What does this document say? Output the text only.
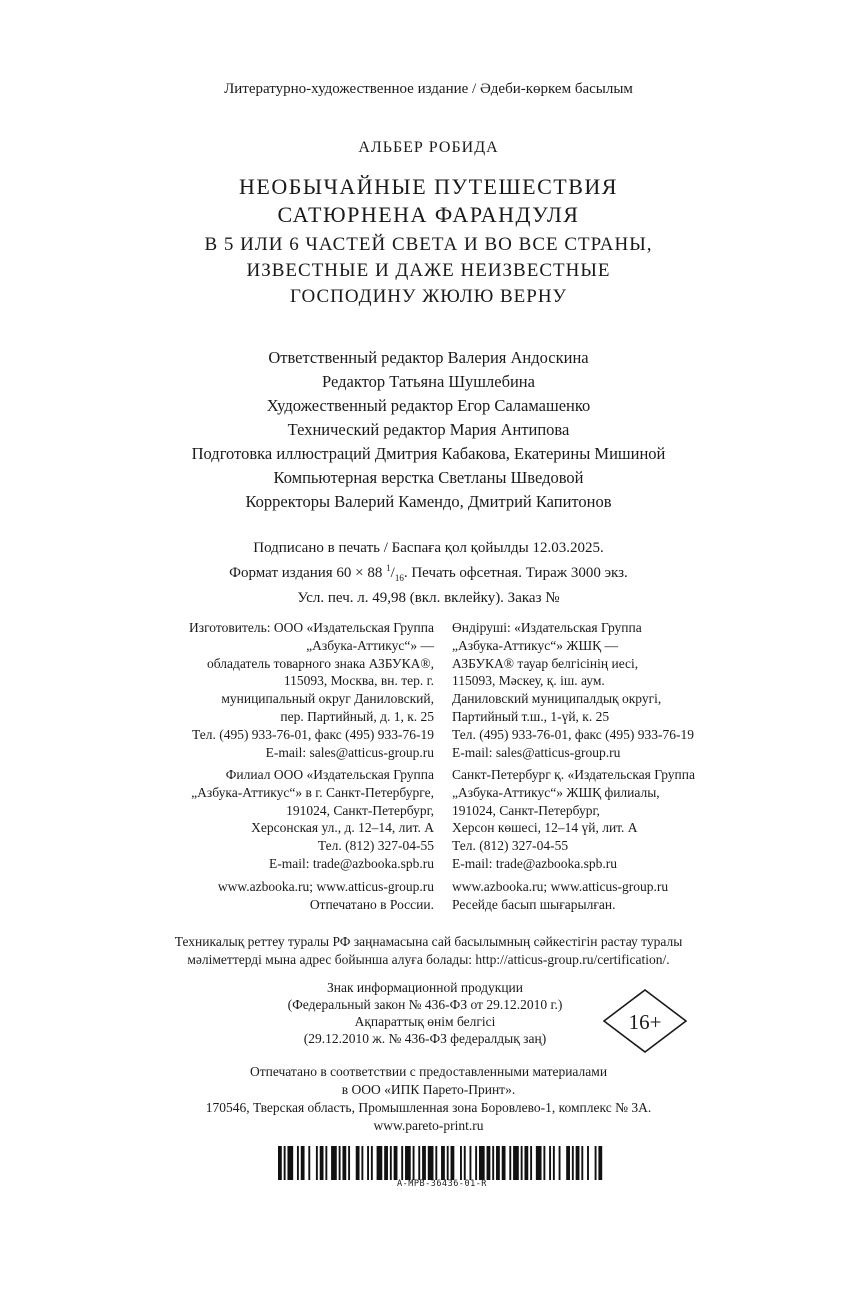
Литературно-художественное издание / Әдеби-көркем басылым
АЛЬБЕР РОБИДА
НЕОБЫЧАЙНЫЕ ПУТЕШЕСТВИЯ
САТЮРНЕНА ФАРАНДУЛЯ
В 5 ИЛИ 6 ЧАСТЕЙ СВЕТА И ВО ВСЕ СТРАНЫ,
ИЗВЕСТНЫЕ И ДАЖЕ НЕИЗВЕСТНЫЕ
ГОСПОДИНУ ЖЮЛЮ ВЕРНУ
Ответственный редактор Валерия Андоскина
Редактор Татьяна Шушлебина
Художественный редактор Егор Саламашенко
Технический редактор Мария Антипова
Подготовка иллюстраций Дмитрия Кабакова, Екатерины Мишиной
Компьютерная верстка Светланы Шведовой
Корректоры Валерий Камендо, Дмитрий Капитонов
Подписано в печать / Баспаға қол қойылды 12.03.2025.
Формат издания 60 × 88 $^1/_{16}$. Печать офсетная. Тираж 3000 экз.
Усл. печ. л. 49,98 (вкл. вклейку). Заказ №
Изготовитель: ООО «Издательская Группа
„Азбука-Аттикус“» —
обладатель товарного знака АЗБУКА®,
115093, Москва, вн. тер. г.
муниципальный округ Даниловский,
пер. Партийный, д. 1, к. 25
Тел. (495) 933-76-01, факс (495) 933-76-19
E-mail: sales@atticus-group.ru
Өндіруші: «Издательская Группа
„Азбука-Аттикус“» ЖШҚ —
АЗБУКА® тауар белгісінің иесі,
115093, Мәскеу, қ. іш. аум.
Даниловский муниципалдық округі,
Партийный т.ш., 1-үй, к. 25
Тел. (495) 933-76-01, факс (495) 933-76-19
E-mail: sales@atticus-group.ru
Филиал ООО «Издательская Группа
„Азбука-Аттикус“» в г. Санкт-Петербурге,
191024, Санкт-Петербург,
Херсонская ул., д. 12–14, лит. А
Тел. (812) 327-04-55
E-mail: trade@azbooka.spb.ru
Санкт-Петербург қ. «Издательская Группа
„Азбука-Аттикус“» ЖШҚ филиалы,
191024, Санкт-Петербург,
Херсон көшесі, 12–14 үй, лит. А
Тел. (812) 327-04-55
E-mail: trade@azbooka.spb.ru
www.azbooka.ru; www.atticus-group.ru
Отпечатано в России.
www.azbooka.ru; www.atticus-group.ru
Ресейде басып шығарылған.
Техникалық реттеу туралы РФ заңнамасына сай басылымның сәйкестігін растау туралы
мәліметтерді мына адрес бойынша алуға болады: http://atticus-group.ru/certification/.
Знак информационной продукции
(Федеральный закон № 436-ФЗ от 29.12.2010 г.)
Ақпараттық өнім белгісі
(29.12.2010 ж. № 436-ФЗ федералдық заң)
16+
Отпечатано в соответствии с предоставленными материалами
в ООО «ИПК Парето-Принт».
170546, Тверская область, Промышленная зона Боровлево-1, комплекс № 3А.
www.pareto-print.ru
A-MPB-36436-01-R
